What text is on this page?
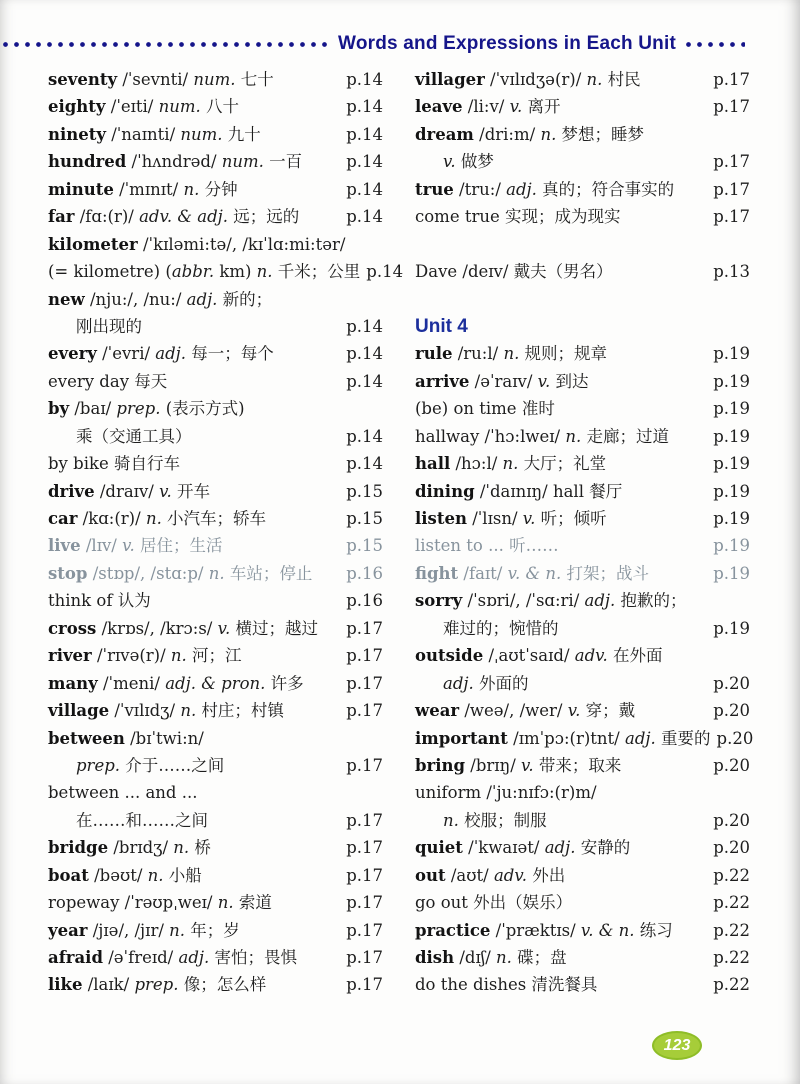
Words and Expressions in Each Unit
seventy /ˈsevnti/ num. 七十	p.14
eighty /ˈeɪti/ num. 八十	p.14
ninety /ˈnaɪnti/ num. 九十	p.14
hundred /ˈhʌndrəd/ num. 一百	p.14
minute /ˈmɪnɪt/ n. 分钟	p.14
far /fɑ:(r)/ adv. & adj. 远；远的	p.14
kilometer /ˈkɪləmi:tə/, /kɪˈlɑ:mi:tər/
(= kilometre) (abbr. km) n. 千米；公里 p.14
new /nju:/, /nu:/ adj. 新的；
刚出现的	p.14
every /ˈevri/ adj. 每一；每个	p.14
every day 每天	p.14
by /baɪ/ prep. (表示方式)
乘（交通工具）	p.14
by bike 骑自行车	p.14
drive /draɪv/ v. 开车	p.15
car /kɑ:(r)/ n. 小汽车；轿车	p.15
live /lɪv/ v. 居住；生活	p.15
stop /stɒp/, /stɑ:p/ n. 车站；停止	p.16
think of 认为	p.16
cross /krɒs/, /krɔ:s/ v. 横过；越过	p.17
river /ˈrɪvə(r)/ n. 河；江	p.17
many /ˈmeni/ adj. & pron. 许多	p.17
village /ˈvɪlɪdʒ/ n. 村庄；村镇	p.17
between /bɪˈtwi:n/
prep. 介于……之间	p.17
between ... and ...
在……和……之间	p.17
bridge /brɪdʒ/ n. 桥	p.17
boat /bəʊt/ n. 小船	p.17
ropeway /ˈrəʊpˌweɪ/ n. 索道	p.17
year /jɪə/, /jɪr/ n. 年；岁	p.17
afraid /əˈfreɪd/ adj. 害怕；畏惧	p.17
like /laɪk/ prep. 像；怎么样	p.17
villager /ˈvɪlɪdʒə(r)/ n. 村民	p.17
leave /li:v/ v. 离开	p.17
dream /dri:m/ n. 梦想；睡梦
v. 做梦	p.17
true /tru:/ adj. 真的；符合事实的	p.17
come true 实现；成为现实	p.17
Dave /deɪv/ 戴夫（男名）	p.13
Unit 4
rule /ru:l/ n. 规则；规章	p.19
arrive /əˈraɪv/ v. 到达	p.19
(be) on time 准时	p.19
hallway /ˈhɔ:lweɪ/ n. 走廊；过道	p.19
hall /hɔ:l/ n. 大厅；礼堂	p.19
dining /ˈdaɪnɪŋ/ hall 餐厅	p.19
listen /ˈlɪsn/ v. 听；倾听	p.19
listen to ... 听……	p.19
fight /faɪt/ v. & n. 打架；战斗	p.19
sorry /ˈsɒri/, /ˈsɑ:ri/ adj. 抱歉的；
难过的；惋惜的	p.19
outside /ˌaʊtˈsaɪd/ adv. 在外面
adj. 外面的	p.20
wear /weə/, /wer/ v. 穿；戴	p.20
important /ɪmˈpɔ:(r)tnt/ adj. 重要的 p.20
bring /brɪŋ/ v. 带来；取来	p.20
uniform /ˈju:nɪfɔ:(r)m/
n. 校服；制服	p.20
quiet /ˈkwaɪət/ adj. 安静的	p.20
out /aʊt/ adv. 外出	p.22
go out 外出（娱乐）	p.22
practice /ˈpræktɪs/ v. & n. 练习	p.22
dish /dɪʃ/ n. 碟；盘	p.22
do the dishes 清洗餐具	p.22
123
